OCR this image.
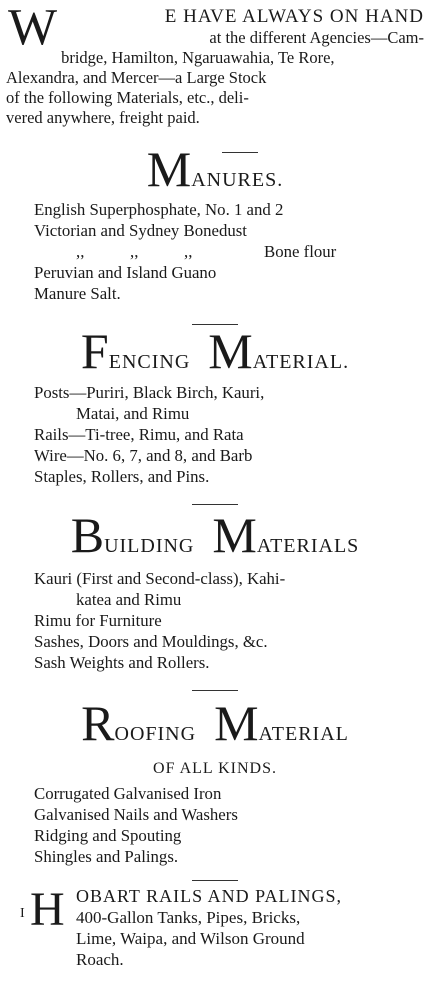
W	E HAVE ALWAYS ON HAND
at the different Agencies—Cam-
bridge, Hamilton, Ngaruawahia, Te Rore,
Alexandra, and Mercer—a Large Stock
of the following Materials, etc., deli-
vered anywhere, freight paid.
MANURES.
English Superphosphate, No. 1 and 2
Victorian and Sydney Bonedust
,,	,,	,,	Bone flour
Peruvian and Island Guano
Manure Salt.
FENCING MATERIAL.
Posts—Puriri, Black Birch, Kauri,
Matai, and Rimu
Rails—Ti-tree, Rimu, and Rata
Wire—No. 6, 7, and 8, and Barb
Staples, Rollers, and Pins.
BUILDING MATERIALS
Kauri (First and Second-class), Kahi-
katea and Rimu
Rimu for Furniture
Sashes, Doors and Mouldings, &c.
Sash Weights and Rollers.
ROOFING MATERIAL
OF ALL KINDS.
Corrugated Galvanised Iron
Galvanised Nails and Washers
Ridging and Spouting
Shingles and Palings.
I H OBART RAILS AND PALINGS,
400-Gallon Tanks, Pipes, Bricks,
Lime, Waipa, and Wilson Ground
Roach.
